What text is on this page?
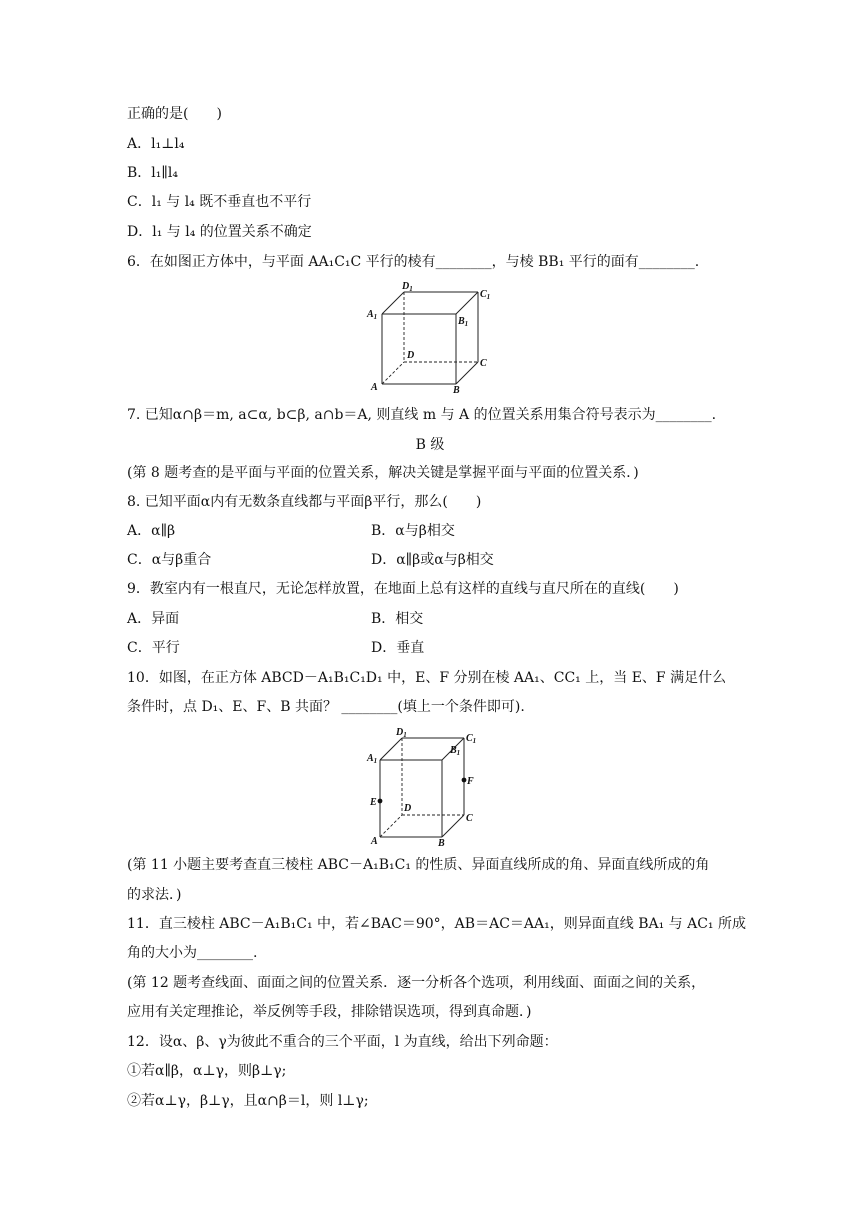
正确的是(　　)
A．l₁⊥l₄
B．l₁∥l₄
C．l₁ 与 l₄ 既不垂直也不平行
D．l₁ 与 l₄ 的位置关系不确定
6．在如图正方体中，与平面 AA₁C₁C 平行的棱有________，与棱 BB₁ 平行的面有________.
$D_1$	$C_1$
$A_1$	$B_1$
D
C
A	B
7. 已知α∩β＝m, a⊂α, b⊂β, a∩b＝A, 则直线 m 与 A 的位置关系用集合符号表示为________.
B 级
(第 8 题考查的是平面与平面的位置关系，解决关键是掌握平面与平面的位置关系．)
8. 已知平面α内有无数条直线都与平面β平行，那么(　　)
A．α∥β	B．α与β相交
C．α与β重合	D．α∥β或α与β相交
9．教室内有一根直尺，无论怎样放置，在地面上总有这样的直线与直尺所在的直线(　　)
A．异面	B．相交
C．平行	D．垂直
10．如图，在正方体 ABCD－A₁B₁C₁D₁ 中，E、F 分别在棱 AA₁、CC₁ 上，当 E、F 满足什么
条件时，点 D₁、E、F、B 共面？ ________(填上一个条件即可).
$D_1$	$C_1$
$B_1$
$A_1$
F
E
D
C
A	B
(第 11 小题主要考查直三棱柱 ABC－A₁B₁C₁ 的性质、异面直线所成的角、异面直线所成的角
的求法．)
11．直三棱柱 ABC－A₁B₁C₁ 中，若∠BAC＝90°，AB＝AC＝AA₁，则异面直线 BA₁ 与 AC₁ 所成
角的大小为________.
(第 12 题考查线面、面面之间的位置关系．逐一分析各个选项，利用线面、面面之间的关系，
应用有关定理推论，举反例等手段，排除错误选项，得到真命题．)
12．设α、β、γ为彼此不重合的三个平面，l 为直线，给出下列命题：
①若α∥β，α⊥γ，则β⊥γ;
②若α⊥γ，β⊥γ，且α∩β＝l，则 l⊥γ;
